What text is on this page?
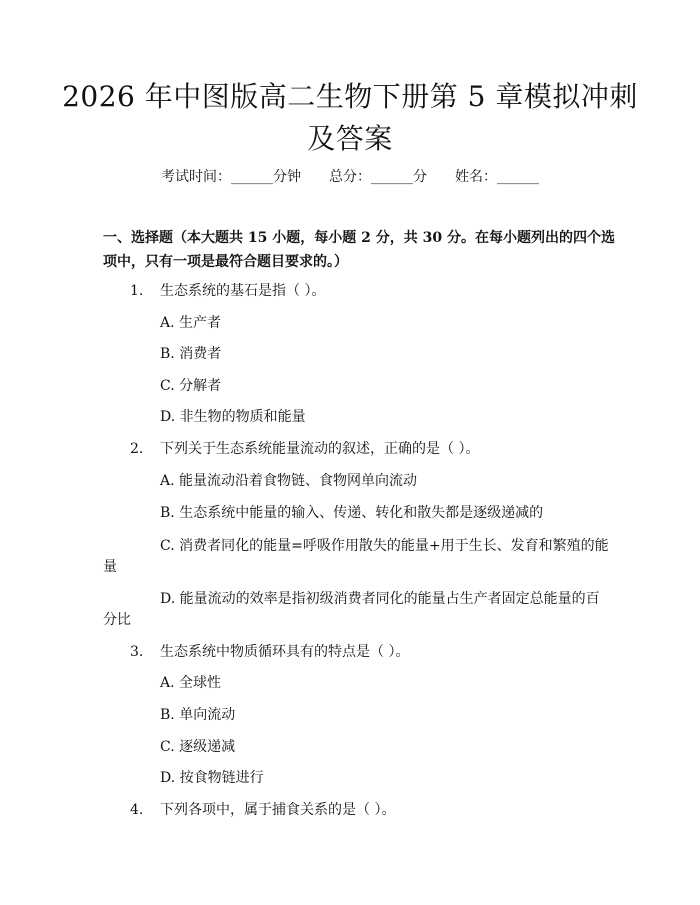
2026 年中图版高二生物下册第 5 章模拟冲刺
及答案
考试时间：______分钟 总分：______分 姓名：______
一、选择题（本大题共 15 小题，每小题 2 分，共 30 分。在每小题列出的四个选项中，只有一项是最符合题目要求的。）
1. 生态系统的基石是指（ ）。
A. 生产者
B. 消费者
C. 分解者
D. 非生物的物质和能量
2. 下列关于生态系统能量流动的叙述，正确的是（ ）。
A. 能量流动沿着食物链、食物网单向流动
B. 生态系统中能量的输入、传递、转化和散失都是逐级递减的
C. 消费者同化的能量=呼吸作用散失的能量+用于生长、发育和繁殖的能
量
D. 能量流动的效率是指初级消费者同化的能量占生产者固定总能量的百
分比
3. 生态系统中物质循环具有的特点是（ ）。
A. 全球性
B. 单向流动
C. 逐级递减
D. 按食物链进行
4. 下列各项中，属于捕食关系的是（ ）。
